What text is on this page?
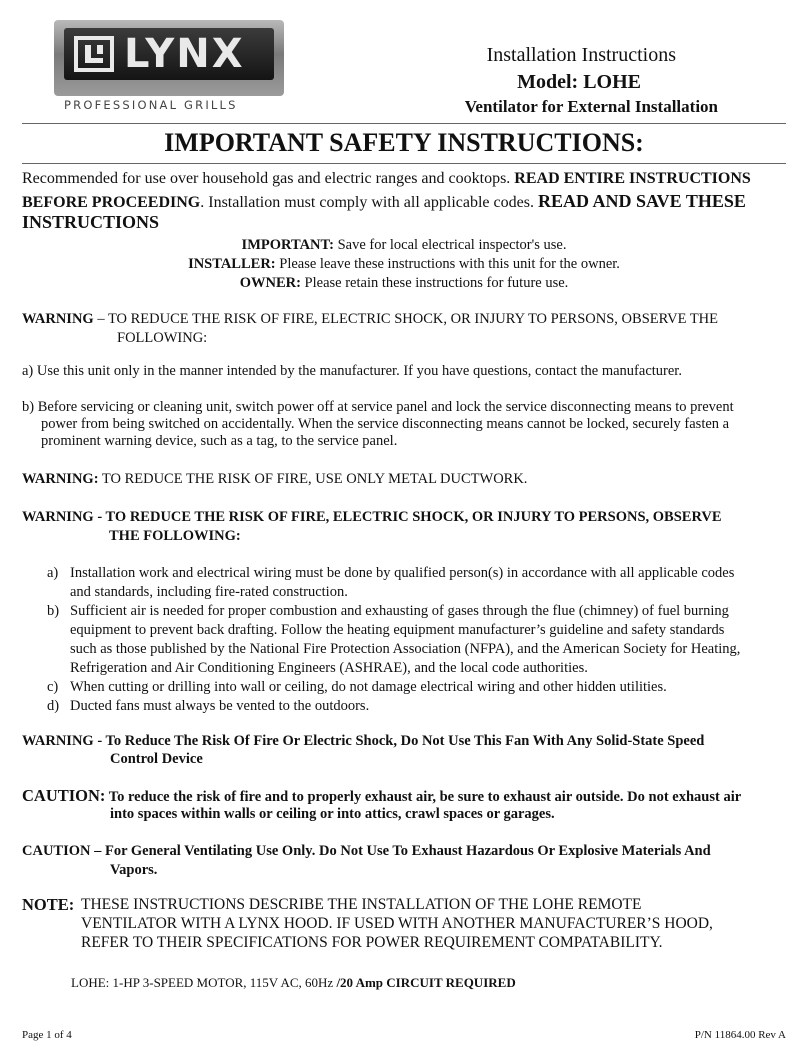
LYNX
PROFESSIONAL GRILLS
Installation Instructions
Model: LOHE
Ventilator for External Installation
IMPORTANT SAFETY INSTRUCTIONS:
Recommended for use over household gas and electric ranges and cooktops. READ ENTIRE INSTRUCTIONS
BEFORE PROCEEDING. Installation must comply with all applicable codes. READ AND SAVE THESE
INSTRUCTIONS
IMPORTANT: Save for local electrical inspector's use.
INSTALLER: Please leave these instructions with this unit for the owner.
OWNER: Please retain these instructions for future use.
WARNING – TO REDUCE THE RISK OF FIRE, ELECTRIC SHOCK, OR INJURY TO PERSONS, OBSERVE THE
FOLLOWING:
a) Use this unit only in the manner intended by the manufacturer. If you have questions, contact the manufacturer.
b) Before servicing or cleaning unit, switch power off at service panel and lock the service disconnecting means to prevent
power from being switched on accidentally. When the service disconnecting means cannot be locked, securely fasten a
prominent warning device, such as a tag, to the service panel.
WARNING: TO REDUCE THE RISK OF FIRE, USE ONLY METAL DUCTWORK.
WARNING - TO REDUCE THE RISK OF FIRE, ELECTRIC SHOCK, OR INJURY TO PERSONS, OBSERVE
THE FOLLOWING:
a) Installation work and electrical wiring must be done by qualified person(s) in accordance with all applicable codes
and standards, including fire-rated construction.
b) Sufficient air is needed for proper combustion and exhausting of gases through the flue (chimney) of fuel burning
equipment to prevent back drafting. Follow the heating equipment manufacturer’s guideline and safety standards
such as those published by the National Fire Protection Association (NFPA), and the American Society for Heating,
Refrigeration and Air Conditioning Engineers (ASHRAE), and the local code authorities.
c) When cutting or drilling into wall or ceiling, do not damage electrical wiring and other hidden utilities.
d) Ducted fans must always be vented to the outdoors.
WARNING - To Reduce The Risk Of Fire Or Electric Shock, Do Not Use This Fan With Any Solid-State Speed
Control Device
CAUTION: To reduce the risk of fire and to properly exhaust air, be sure to exhaust air outside. Do not exhaust air
into spaces within walls or ceiling or into attics, crawl spaces or garages.
CAUTION – For General Ventilating Use Only. Do Not Use To Exhaust Hazardous Or Explosive Materials And
Vapors.
NOTE: THESE INSTRUCTIONS DESCRIBE THE INSTALLATION OF THE LOHE REMOTE
VENTILATOR WITH A LYNX HOOD. IF USED WITH ANOTHER MANUFACTURER’S HOOD,
REFER TO THEIR SPECIFICATIONS FOR POWER REQUIREMENT COMPATABILITY.
LOHE: 1-HP 3-SPEED MOTOR, 115V AC, 60Hz /20 Amp CIRCUIT REQUIRED
Page 1 of 4	P/N 11864.00 Rev A
